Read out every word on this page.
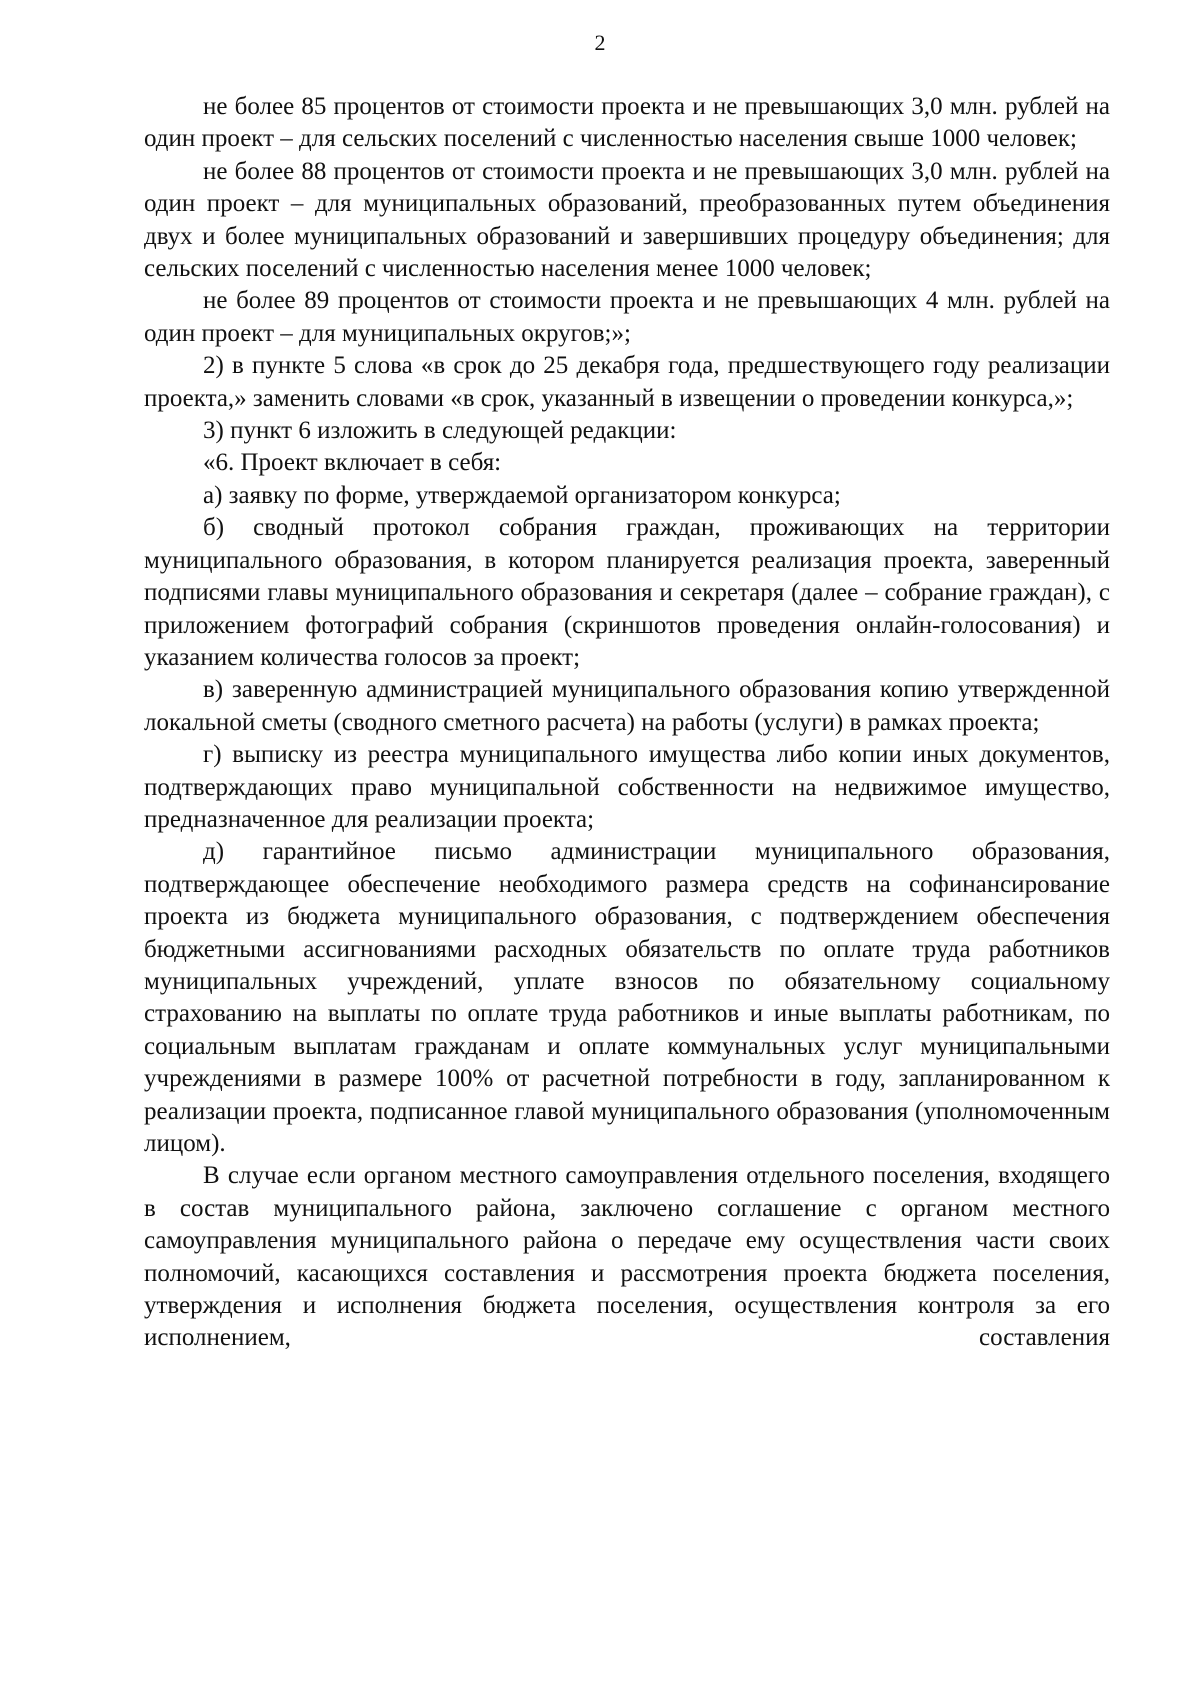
2

не более 85 процентов от стоимости проекта и не превышающих 3,0 млн. рублей на один проект – для сельских поселений с численностью населения свыше 1000 человек;

не более 88 процентов от стоимости проекта и не превышающих 3,0 млн. рублей на один проект – для муниципальных образований, преобразованных путем объединения двух и более муниципальных образований и завершивших процедуру объединения; для сельских поселений с численностью населения менее 1000 человек;

не более 89 процентов от стоимости проекта и не превышающих 4 млн. рублей на один проект – для муниципальных округов;»;

2) в пункте 5 слова «в срок до 25 декабря года, предшествующего году реализации проекта,» заменить словами «в срок, указанный в извещении о проведении конкурса,»;

3) пункт 6 изложить в следующей редакции:

«6. Проект включает в себя:

а) заявку по форме, утверждаемой организатором конкурса;

б) сводный протокол собрания граждан, проживающих на территории муниципального образования, в котором планируется реализация проекта, заверенный подписями главы муниципального образования и секретаря (далее – собрание граждан), с приложением фотографий собрания (скриншотов проведения онлайн-голосования) и указанием количества голосов за проект;

в) заверенную администрацией муниципального образования копию утвержденной локальной сметы (сводного сметного расчета) на работы (услуги) в рамках проекта;

г) выписку из реестра муниципального имущества либо копии иных документов, подтверждающих право муниципальной собственности на недвижимое имущество, предназначенное для реализации проекта;

д) гарантийное письмо администрации муниципального образования, подтверждающее обеспечение необходимого размера средств на софинансирование проекта из бюджета муниципального образования, с подтверждением обеспечения бюджетными ассигнованиями расходных обязательств по оплате труда работников муниципальных учреждений, уплате взносов по обязательному социальному страхованию на выплаты по оплате труда работников и иные выплаты работникам, по социальным выплатам гражданам и оплате коммунальных услуг муниципальными учреждениями в размере 100% от расчетной потребности в году, запланированном к реализации проекта, подписанное главой муниципального образования (уполномоченным лицом).

В случае если органом местного самоуправления отдельного поселения, входящего в состав муниципального района, заключено соглашение с органом местного самоуправления муниципального района о передаче ему осуществления части своих полномочий, касающихся составления и рассмотрения проекта бюджета поселения, утверждения и исполнения бюджета поселения, осуществления контроля за его исполнением, составления
